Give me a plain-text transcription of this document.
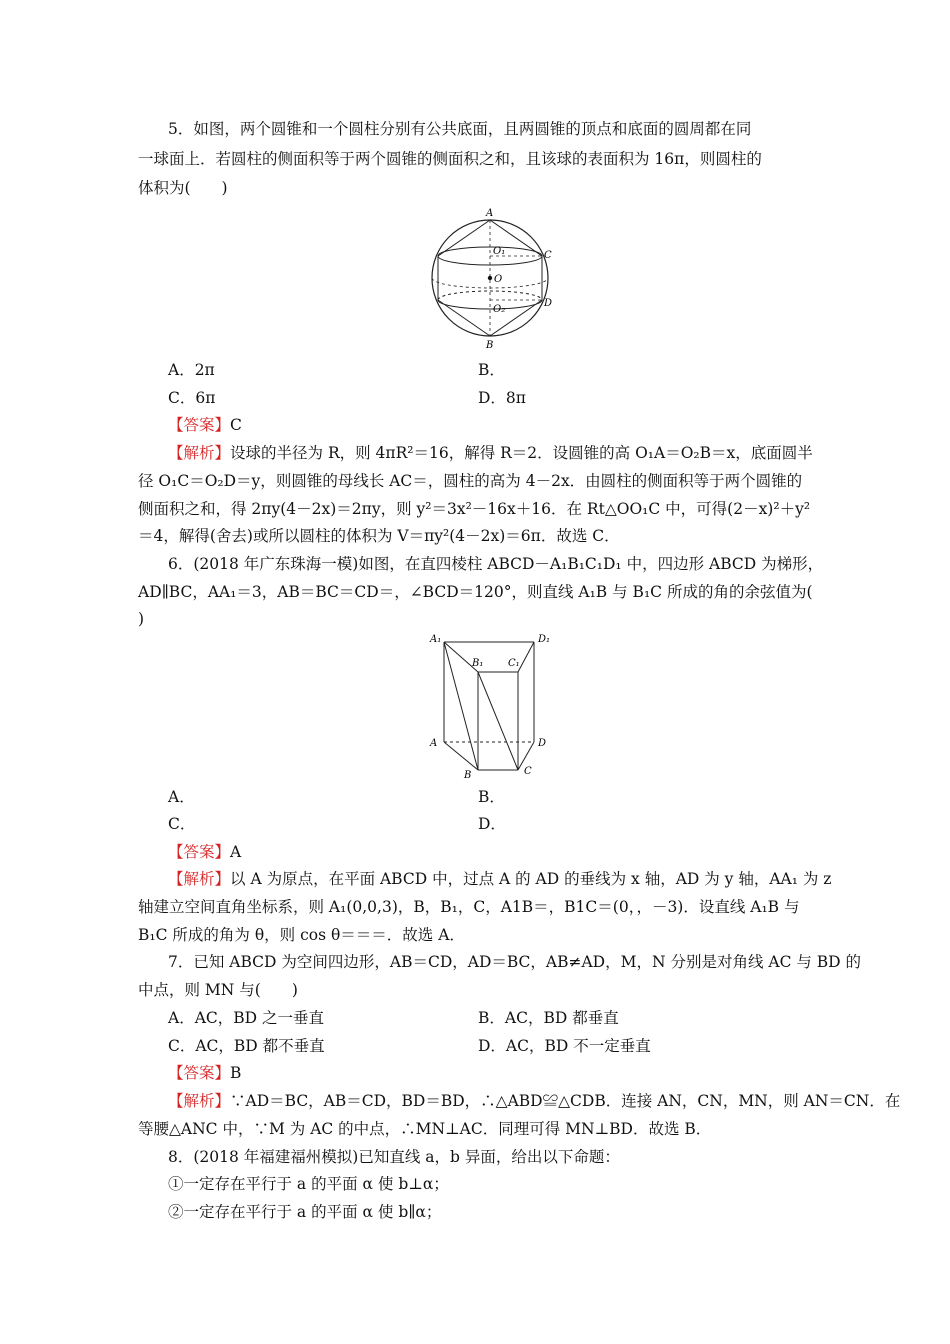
5．如图，两个圆锥和一个圆柱分别有公共底面，且两圆锥的顶点和底面的圆周都在同
一球面上．若圆柱的侧面积等于两个圆锥的侧面积之和，且该球的表面积为 16π，则圆柱的
体积为(　　)
A
O₁	C
O
D
O₂
B
A．2π	B．
C．6π	D．8π
【答案】C
【解析】设球的半径为 R，则 4πR²＝16，解得 R＝2．设圆锥的高 O₁A＝O₂B＝x，底面圆半
径 O₁C＝O₂D＝y，则圆锥的母线长 AC＝，圆柱的高为 4－2x．由圆柱的侧面积等于两个圆锥的
侧面积之和，得 2πy(4－2x)＝2πy，则 y²＝3x²－16x＋16．在 Rt△OO₁C 中，可得(2－x)²＋y²
＝4，解得(舍去)或所以圆柱的体积为 V＝πy²(4－2x)＝6π．故选 C．
6．(2018 年广东珠海一模)如图，在直四棱柱 ABCD－A₁B₁C₁D₁ 中，四边形 ABCD 为梯形，
AD∥BC，AA₁＝3，AB＝BC＝CD＝，∠BCD＝120°，则直线 A₁B 与 B₁C 所成的角的余弦值为(
)
A₁
B₁ C₁
D₁
A	D
B	C
A．	B．
C．	D．
【答案】A
【解析】以 A 为原点，在平面 ABCD 中，过点 A 的 AD 的垂线为 x 轴，AD 为 y 轴，AA₁ 为 z
轴建立空间直角坐标系，则 A₁(0,0,3)，B，B₁，C，A1B＝，B1C＝(0，，－3)．设直线 A₁B 与
B₁C 所成的角为 θ，则 cos θ＝＝＝．故选 A．
7．已知 ABCD 为空间四边形，AB＝CD，AD＝BC，AB≠AD，M，N 分别是对角线 AC 与 BD 的
中点，则 MN 与(　　)
A．AC，BD 之一垂直	B．AC，BD 都垂直
C．AC，BD 都不垂直	D．AC，BD 不一定垂直
【答案】B
【解析】∵AD＝BC，AB＝CD，BD＝BD，∴△ABD≌△CDB．连接 AN，CN，MN，则 AN＝CN．在
等腰△ANC 中，∵M 为 AC 的中点，∴MN⊥AC．同理可得 MN⊥BD．故选 B．
8．(2018 年福建福州模拟)已知直线 a，b 异面，给出以下命题：
①一定存在平行于 a 的平面 α 使 b⊥α；
②一定存在平行于 a 的平面 α 使 b∥α；
